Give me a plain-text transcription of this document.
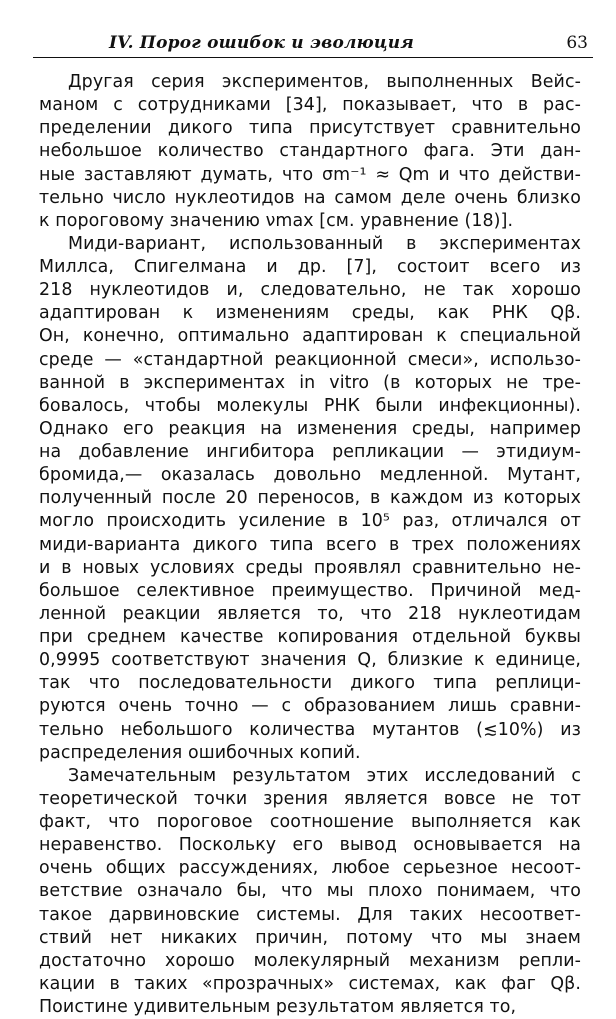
IV. Порог ошибок и эволюция	63
Другая серия экспериментов, выполненных Вейс-
маном с сотрудниками [34], показывает, что в рас-
пределении дикого типа присутствует сравнительно
небольшое количество стандартного фага. Эти дан-
ные заставляют думать, что σm⁻¹ ≈ Qm и что действи-
тельно число нуклеотидов на самом деле очень близко
к пороговому значению νmax [см. уравнение (18)].
Миди-вариант, использованный в экспериментах
Миллса, Спигелмана и др. [7], состоит всего из
218 нуклеотидов и, следовательно, не так хорошо
адаптирован к изменениям среды, как РНК Qβ.
Он, конечно, оптимально адаптирован к специальной
среде — «стандартной реакционной смеси», использо-
ванной в экспериментах in vitro (в которых не тре-
бовалось, чтобы молекулы РНК были инфекционны).
Однако его реакция на изменения среды, например
на добавление ингибитора репликации — этидиум-
бромида,— оказалась довольно медленной. Мутант,
полученный после 20 переносов, в каждом из которых
могло происходить усиление в 10⁵ раз, отличался от
миди-варианта дикого типа всего в трех положениях
и в новых условиях среды проявлял сравнительно не-
большое селективное преимущество. Причиной мед-
ленной реакции является то, что 218 нуклеотидам
при среднем качестве копирования отдельной буквы
0,9995 соответствуют значения Q, близкие к единице,
так что последовательности дикого типа реплици-
руются очень точно — с образованием лишь сравни-
тельно небольшого количества мутантов (≲10%) из
распределения ошибочных копий.
Замечательным результатом этих исследований с
теоретической точки зрения является вовсе не тот
факт, что пороговое соотношение выполняется как
неравенство. Поскольку его вывод основывается на
очень общих рассуждениях, любое серьезное несоот-
ветствие означало бы, что мы плохо понимаем, что
такое дарвиновские системы. Для таких несоответ-
ствий нет никаких причин, потому что мы знаем
достаточно хорошо молекулярный механизм репли-
кации в таких «прозрачных» системах, как фаг Qβ.
Поистине удивительным результатом является то,
